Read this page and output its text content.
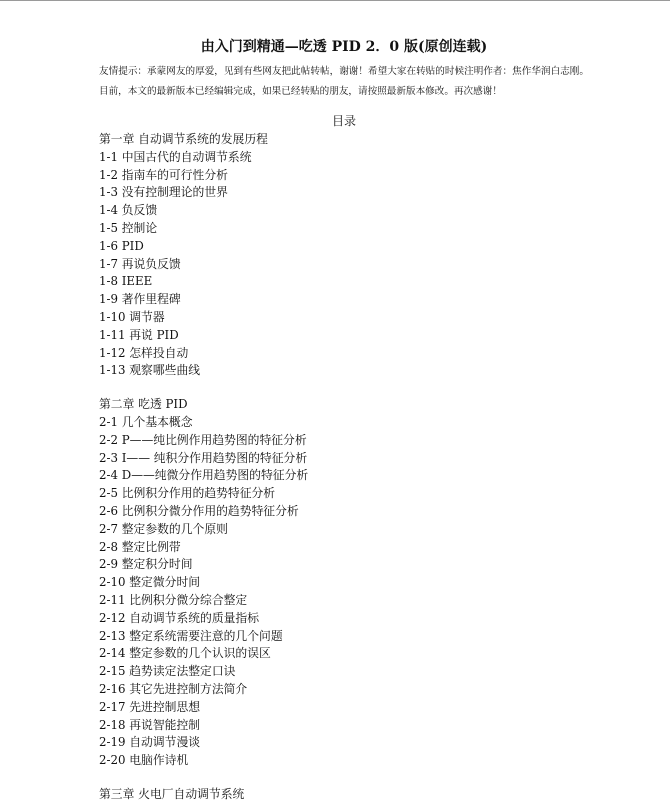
由入门到精通—吃透 PID 2．0 版(原创连载)
友情提示：承蒙网友的厚爱，见到有些网友把此帖转帖，谢谢！希望大家在转贴的时候注明作者：焦作华润白志刚。目前，本文的最新版本已经编辑完成，如果已经转贴的朋友，请按照最新版本修改。再次感谢！
目录
第一章 自动调节系统的发展历程
1-1 中国古代的自动调节系统
1-2 指南车的可行性分析
1-3 没有控制理论的世界
1-4 负反馈
1-5 控制论
1-6 PID
1-7 再说负反馈
1-8 IEEE
1-9 著作里程碑
1-10 调节器
1-11 再说 PID
1-12 怎样投自动
1-13 观察哪些曲线
第二章 吃透 PID
2-1 几个基本概念
2-2 P——纯比例作用趋势图的特征分析
2-3 I—— 纯积分作用趋势图的特征分析
2-4 D——纯微分作用趋势图的特征分析
2-5 比例积分作用的趋势特征分析
2-6 比例积分微分作用的趋势特征分析
2-7 整定参数的几个原则
2-8 整定比例带
2-9 整定积分时间
2-10 整定微分时间
2-11 比例积分微分综合整定
2-12 自动调节系统的质量指标
2-13 整定系统需要注意的几个问题
2-14 整定参数的几个认识的误区
2-15 趋势读定法整定口诀
2-16 其它先进控制方法简介
2-17 先进控制思想
2-18 再说智能控制
2-19 自动调节漫谈
2-20 电脑作诗机
第三章 火电厂自动调节系统
